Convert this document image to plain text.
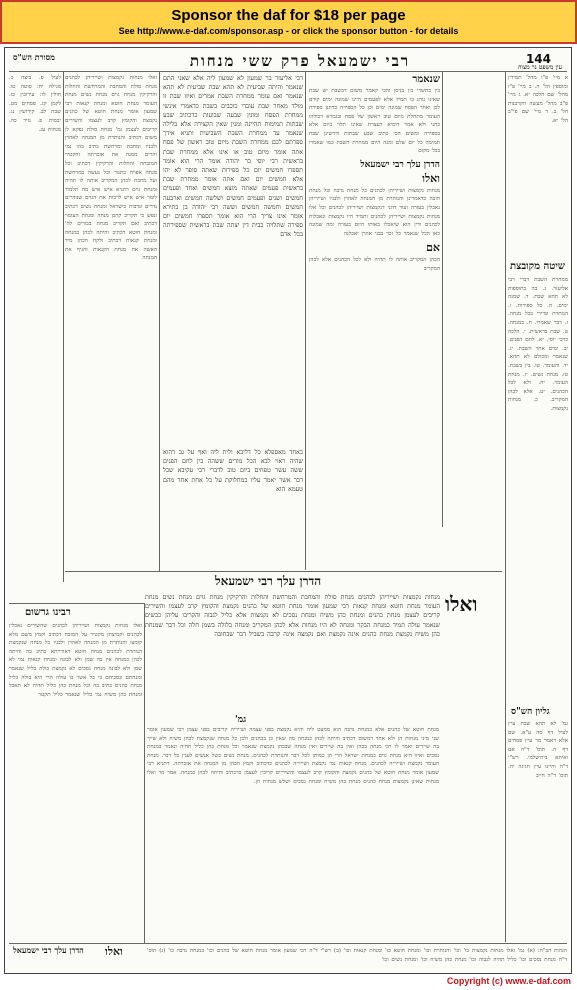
Sponsor the daf for $18 per page
See http://www.e-daf.com/sponsor.asp - or click the sponsor button - for details
מסורת הש"ס	רבי ישמעאל פרק ששי מנחות	144
עין משפט נר מצוה
לעיל פ. ביצה כ. מגילה יח: סוטה טו. חולין לו: עירובין כז. לקמן קג. פסחים מט. שבת לב. קידושין נג. יבמות פ. נזיר כה. מנחות עג.
ואלו מנחות נקמצות ושייריהן לכהנים מנחת סולת והמחבת והמרחשת והחלות והרקיקין מנחת גוים מנחת נשים מנחת העומר מנחת חוטא ומנחת קנאות רבי שמעון אומר מנחת חוטא של כהנים נקמצת והקומץ קרב לעצמו והשירים קריבים לעצמן גמ' מנחת סולת נפקא לן משום דכתיב והנותרת מן המנחה לאהרן ולבניו ומחבת ומרחשת כתיב בהו נמי והרים ממנה את אזכרתה והקטיר המזבחה והחלות והרקיקין דכתיב וכל מנחה אפויה בתנור וכל נעשה במרחשת ועל מחבת לכהן המקריב אותה לו תהיה ומנחת גוים דתניא איש איש מה תלמוד לומר איש איש לרבות את הגוים שנודרים נדרים ונדבות כישראל ומנחת נשים דכתיב ונפש כי תקריב קרבן מנחה ומנחת העומר דכתיב ואם תקריב מנחת בכורים לה' ומנחת חוטא דכתיב והיתה לכהן כמנחה ומנחת קנאות דכתיב ולקח הכהן מיד האשה את מנחת הקנאות והניף את המנחה
דבי אליעזר בר שמעון לא שמעון ליה אלא שאני התם שנאמר והיתה שביעית לא תהא שבת שביעית לא תהא שנאמר ואם עומר ממחרת השבת אמרים ואיזו שבת זו מולד מאחר שבת עובדי כוכבים בשבת כדאמרי אינשי ממחרת הפסח ומונין שבעה שבועות כדכתיב שבע שבתות תמימות תהיינה ומנין שאין הקצירה אלא בלילה שנאמר עד ממחרת השבת השביעית ותניא אידך ספרתם לכם ממחרת השבת מיום טוב ראשון של פסח אתה אומר מיום טוב או אינו אלא ממחרת שבת בראשית רבי יוסי בר יהודה אומר הרי הוא אומר תספרו חמשים יום כל ספירות שאתה סופר לא יהו אלא חמשים יום ואם אתה אומר ממחרת שבת בראשית פעמים שאתה מוצא חמשים ואחד ופעמים חמשים ושנים ופעמים חמשים ושלשה חמשים וארבעה חמשים וחמשה חמשים וששה רבי יהודה בן בתירא אומר אינו צריך הרי הוא אומר תספרו חמשים יום ספירה שתלויה בבית דין יצתה שבת בראשית שספירתה בכל אדם
כאחד מאספלא כל דליבא ולית ליה ואף על גב דהוא שהיה ראוי לבא הכל מודים ששהה בין לחם הפנים ששה עשר טפחים ביום טוב לדברי רבי עקיבא שכל דבר אשר יאמר עליו במחלוקת על כל אחת אחד מהם טעמא הוא
שנאמר
בין בתשרי בין בניסן והכי קאמר משום דבשבת יש שבת שאינו נוהג בו תמיד אלא לפעמים היינו שמונה ימים קודם לכן ואחר הפסח שמונה ימים וכן כל הספירה כדתנן ספירת העומר מתחלת מיום טוב ראשון של פסח ובגמרא דכולהו כהני ולא אמר דומיא דעצרת שאינו תלוי ביום אלא בספירה ומשום הכי כתיב שבע שבתות ודרשינן שבת תמימה כל יום שלם ומנה היום ממחרת השבת כמו שאמרו בכל מקום
הדרן עלך רבי ישמעאל
ואלו
מנחות נקמצות ושייריהן לכהנים כל מנחת נדבה וכל מנחת חובה כדאמרינן והנותרת מן המנחה לאהרן ולבניו ושייריהן נאכלין בעזרה ועוד דהני דנקמצות ושייריהן לכהנים וכל אלו מנחות נקמצות ושייריהן לכהנים ותמיד היו נקמצות ונאכלות לכהנים ודין הוא שיאכלו באותו היום בעזרה ומה שמונה כאן הכל שנאמר כל זכר בבני אהרן יאכלנה
אם
הכהן המקריב אותה לו תהיה ולא לכל הכהנים אלא לכהן המקריב
א מיי' פ"ו מהל' תמידין ומוספין הל' ה. ב מיי' פ"ז מהל' שם הלכה יא. ג מיי' פ"ב מהל' מעשה הקרבנות הל' ב. ד מיי' שם פי"ב הל' יא.
שיטה מקובצת
ממחרת השבת דברי רבי אליעזר. ג. בה בתוספות לא תהא שבת. ד. שמנה ימים. ה. כל ספירות. ו. הנותרת ומיירי בכל מנחה. ז. דבר שאמרו. ח. במנחה. ט. שבת בראשית. י. הלכה כרבי יוסי. יא. לחם הפנים. יב. ימים אחר השבת. יג. שנאמר ומכולם לא תהא. יד. והעומר. טו. בין בשבת. טז. מנחת נשים. יז. מנחת העומר. יח. ולא לכל הכהנים. יט. אלא לכהן המקריב. כ. מנחות נקמצות.
גליון הש"ס
גמ' לא תהא שבת עיין לעיל דף סה ע"א. שם אלא דאמר מר עיין פסחים דף ה. תוס' ד"ה אם ואיתא בירושלמי. רש"י ד"ה והיינו עיין חגיגה יח. תוס' ד"ה חייב
הדרן עלך רבי ישמעאל
ואלו
מנחות נקמצות ושייריהן לכהנים מנחת סולת והמחבת והמרחשת והחלות והרקיקין מנחת גוים מנחת נשים מנחת העומר מנחת חוטא ומנחת קנאות רבי שמעון אומר מנחת חוטא של כהנים נקמצת והקומץ קרב לעצמו והשירים קריבים לעצמן מנחת כהנים ומנחת כהן משיח ומנחת נסכים לא נקמצות אלא כליל לגבוה והקריבו עליהן כבשים שנאמר עולה תמיד כמנחת הבקר ומנחה לא היו מנחות אלא לכהן המקריב ומנחה בלולה בשמן חלה וכל דבר שמנחת כהן משיח נקמצת מנחת כהנים אינה נקמצת ואם נקמצה אינה קרבה בשביל דבר שבחובה
גמ'
רבינו גרשום
ואלו מנחות נקמצות ושייריהן לכהנים שהשירים נאכלין לכהנים וקמיצתן מקטיר על המזבח דכתיב וקמץ משם מלא קומצו והנותרת מן המנחה לאהרן ולבניו כל מנחה שנקמצת הנותרת לכהנים מנחת חוטא דאורייתא כתיב בה והיתה לכהן כמנחה אין בה שמן ולא לבונה ומנחת קנאות נמי לא שמן ולא לבונה מנחת נסכים לא נקמצת כולה כליל שנאמר ומנחתם ונסכיהם כי כל אשר בו עולה הרי היא כולה כליל מנחת כהנים כתיב בה וכל מנחת כהן כליל תהיה לא תאכל ומנחת כהן משיח נמי כליל שנאמר כליל תקטר
מנחת חוטא של כהנים אלא כמנחת נדבה הוא ממעט ליה והיא נקמצת בפני עצמה ושייריה קריבים בפני עצמן רבי שמעון אומר שני מיני מנחות הן ולא אחד דמשום דכתיב והיתה לכהן כמנחה מה שאין כן בכהנים ולכן כל מנחה שנקמצת לכהן משיח ולא שייך בה שיירים ואמר לו רבי מנחה בכהן ואין בה שיירים ואין מנחה שבכהן נקמצת שנאמר וכל מנחת כהן כליל תהיה ונאמר במנחת נסכים ואיזו היא מנחת גוים כמנחת ישראל הרי הן כמותן לכל דבר והנותרת לכהנים. מנחת נשים כשל אנשים לענין כל דבר. מנחת העומר נקמצת ושייריה לכהנים. מנחת קנאות נמי נקמצת ושייריה לכהנים כדכתיב וקמץ הכהן מן המנחה את אזכרתה. דתניא רבי שמעון אומר מנחת חוטא של כהנים נקמצת והקומץ קרב לעצמו והשיריים קריבין לעצמן כדכתיב והיתה לכהן כמנחה. אמר מר ואלו מנחות שאינן נקמצות מנחת כהנים מנחת כהן משיח ומנחת נסכים ושלש מנחות הן.
הדרן עלך רבי ישמעאל ואלו	הגהות הב"ח: (א) גמ' ואלו מנחות נקמצות כו' וכו' והנותרת וכו' ומנחת חוטא כו' ומנחת קנאות וכו' (ב) רש"י ד"ה רבי שמעון אומר מנחת חוטא של כהנים וכו' כמנחת נדבה כו' (ג) תוס' ד"ה מנחת נסכים וכו' כליל תהיה לגבוה וכו' מנחת כהן משיח וכו' ומנחת נשים וכו'
Copyright (c) www.e-daf.com
